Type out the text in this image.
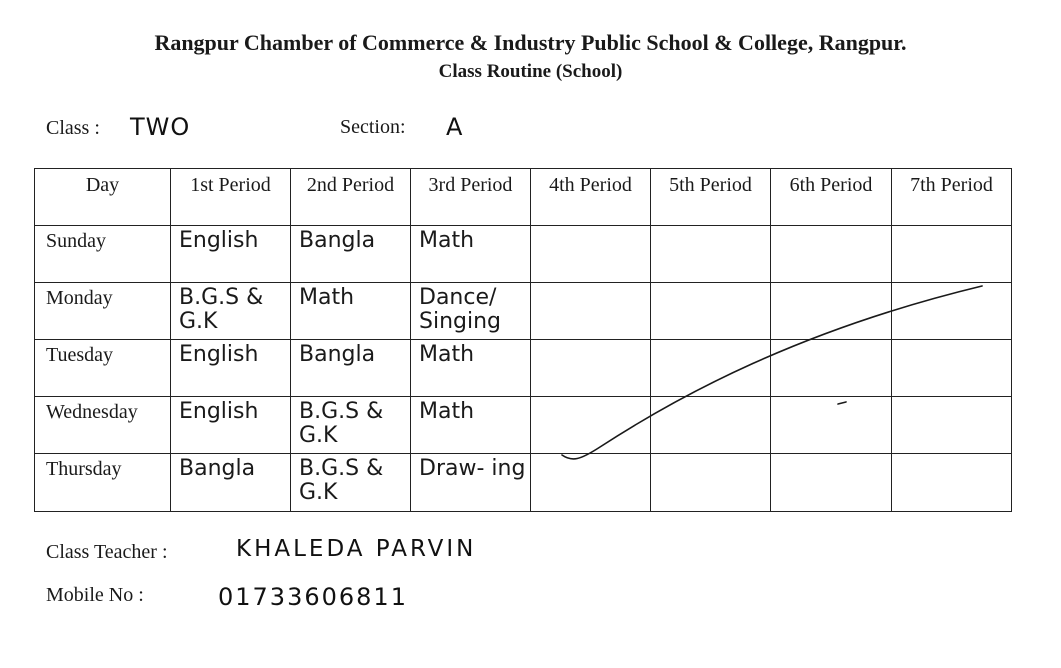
Rangpur Chamber of Commerce & Industry Public School & College, Rangpur.
Class Routine (School)
Class : TWO	Section: A
Day	1st Period	2nd Period	3rd Period	4th Period	5th Period	6th Period	7th Period
Sunday	English	Bangla	Math				
Monday	B.G.S & G.K	Math	Dance/ Singing				
Tuesday	English	Bangla	Math				
Wednesday	English	B.G.S & G.K	Math				
Thursday	Bangla	B.G.S & G.K	Draw- ing				
Class Teacher :	KHALEDA PARVIN
Mobile No :	01733606811
